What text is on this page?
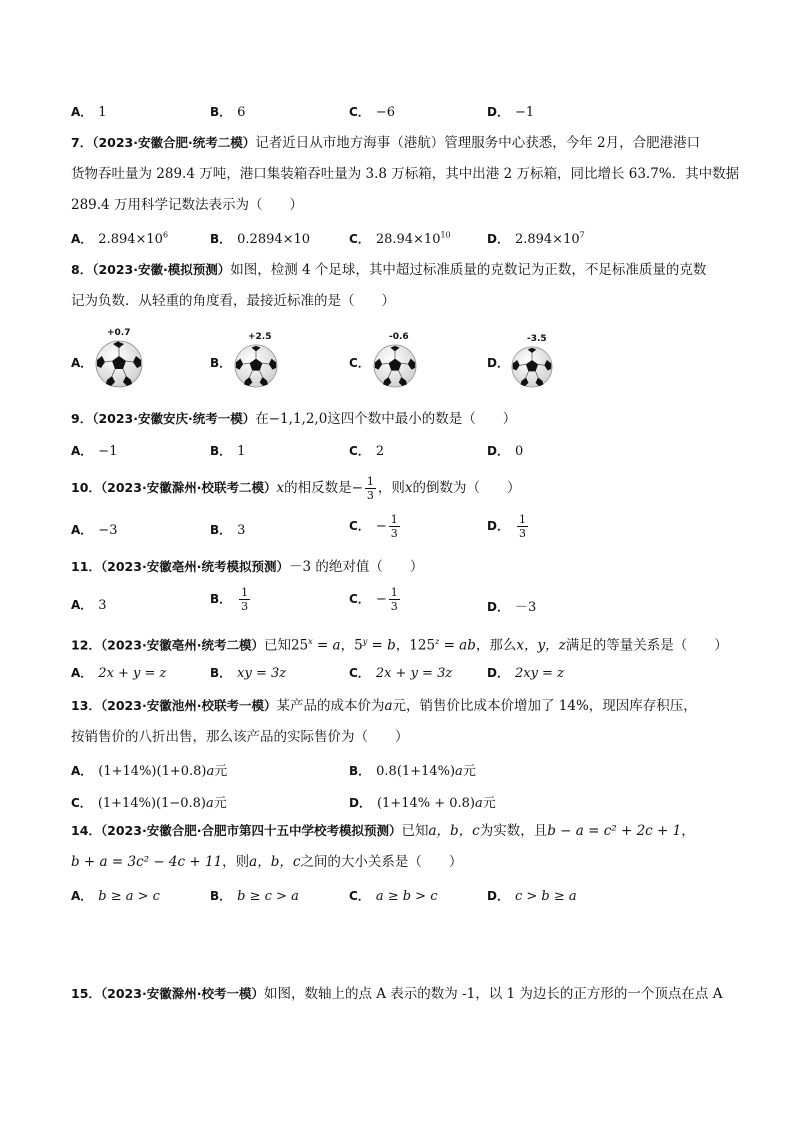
A． 1	B． 6	C． −6	D． −1
7．（2023·安徽合肥·统考二模）记者近日从市地方海事（港航）管理服务中心获悉，今年 2月，合肥港港口
货物吞吐量为 289.4 万吨，港口集装箱吞吐量为 3.8 万标箱，其中出港 2 万标箱，同比增长 63.7%．其中数据
289.4 万用科学记数法表示为（　　）
A． $2.894\times 10^6$	B． 0.2894×10	C． $28.94\times 10^{10}$	D． $2.894\times 10^7$
8．（2023·安徽·模拟预测）如图，检测 4 个足球，其中超过标准质量的克数记为正数，不足标准质量的克数
记为负数．从轻重的角度看，最接近标准的是（　　）
A．
+0.7
B．
+2.5
C．
-0.6
D．
-3.5
9．（2023·安徽安庆·统考一模）在−1,1,2,0这四个数中最小的数是（　　）
A． −1	B． 1	C． 2	D． 0
10．（2023·安徽滁州·校联考二模）x的相反数是− $\frac{1}{3}$ ，则x的倒数为（　　）
A． −3	B． 3	C． − $\frac{1}{3}$	D． $\frac{1}{3}$
11．（2023·安徽亳州·统考模拟预测）－3 的绝对值（　　）
A． 3	B． $\frac{1}{3}$	C． − $\frac{1}{3}$	D． －3
12．（2023·安徽亳州·统考二模）已知$25^x = a$，$5^y = b$，$125^z$ = ab，那么x，y，z满足的等量关系是（　　）
A． 2x + y = z	B． xy = 3z	C． 2x + y = 3z	D． 2xy = z
13．（2023·安徽池州·校联考一模）某产品的成本价为a元，销售价比成本价增加了 14%，现因库存积压，
按销售价的八折出售，那么该产品的实际售价为（　　）
A． (1+14%)(1+0.8)a元	B． 0.8(1+14%)a元
C． (1+14%)(1−0.8)a元	D． (1+14% + 0.8)a元
14．（2023·安徽合肥·合肥市第四十五中学校考模拟预测）已知a，b，c为实数，且b − a = c² + 2c + 1，
b + a = 3c² − 4c + 11，则a，b，c之间的大小关系是（　　）
A． b ≥ a > c	B． b ≥ c > a	C． a ≥ b > c	D． c > b ≥ a
15．（2023·安徽滁州·校考一模）如图，数轴上的点 A 表示的数为 -1，以 1 为边长的正方形的一个顶点在点 A
